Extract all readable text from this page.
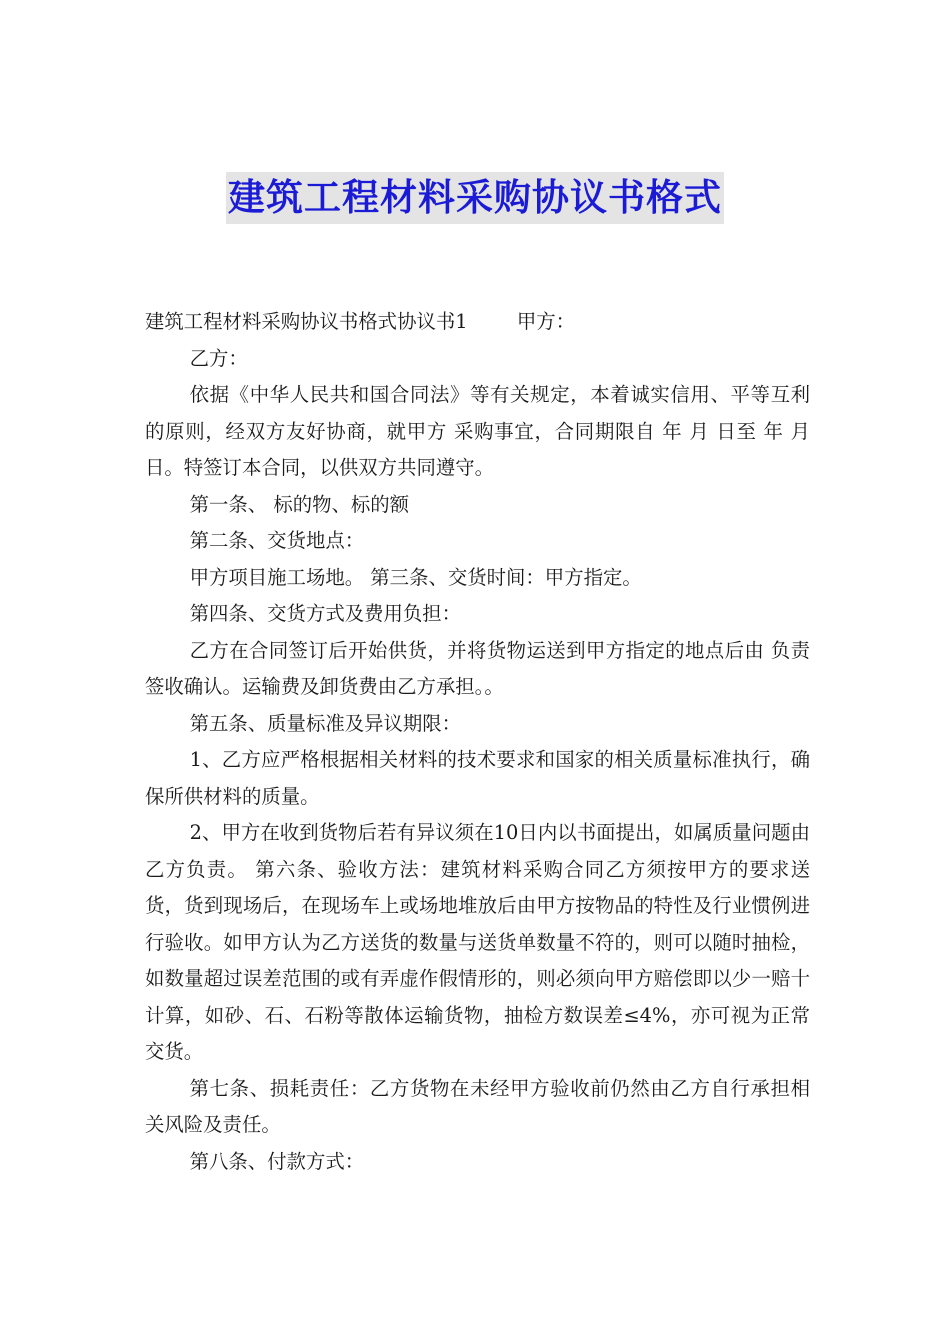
建筑工程材料采购协议书格式

建筑工程材料采购协议书格式协议书1        甲方：

乙方：

依据《中华人民共和国合同法》等有关规定，本着诚实信用、平等互利的原则，经双方友好协商，就甲方 采购事宜，合同期限自 年 月 日至 年 月 日。特签订本合同，以供双方共同遵守。

第一条、 标的物、标的额

第二条、交货地点：

甲方项目施工场地。 第三条、交货时间：甲方指定。

第四条、交货方式及费用负担：

乙方在合同签订后开始供货，并将货物运送到甲方指定的地点后由 负责签收确认。运输费及卸货费由乙方承担。。

第五条、质量标准及异议期限：

1、乙方应严格根据相关材料的技术要求和国家的相关质量标准执行，确保所供材料的质量。

2、甲方在收到货物后若有异议须在10日内以书面提出，如属质量问题由乙方负责。 第六条、验收方法：建筑材料采购合同乙方须按甲方的要求送货，货到现场后，在现场车上或场地堆放后由甲方按物品的特性及行业惯例进行验收。如甲方认为乙方送货的数量与送货单数量不符的，则可以随时抽检，如数量超过误差范围的或有弄虚作假情形的，则必须向甲方赔偿即以少一赔十计算，如砂、石、石粉等散体运输货物，抽检方数误差≤4%，亦可视为正常交货。

第七条、损耗责任：乙方货物在未经甲方验收前仍然由乙方自行承担相关风险及责任。

第八条、付款方式：
